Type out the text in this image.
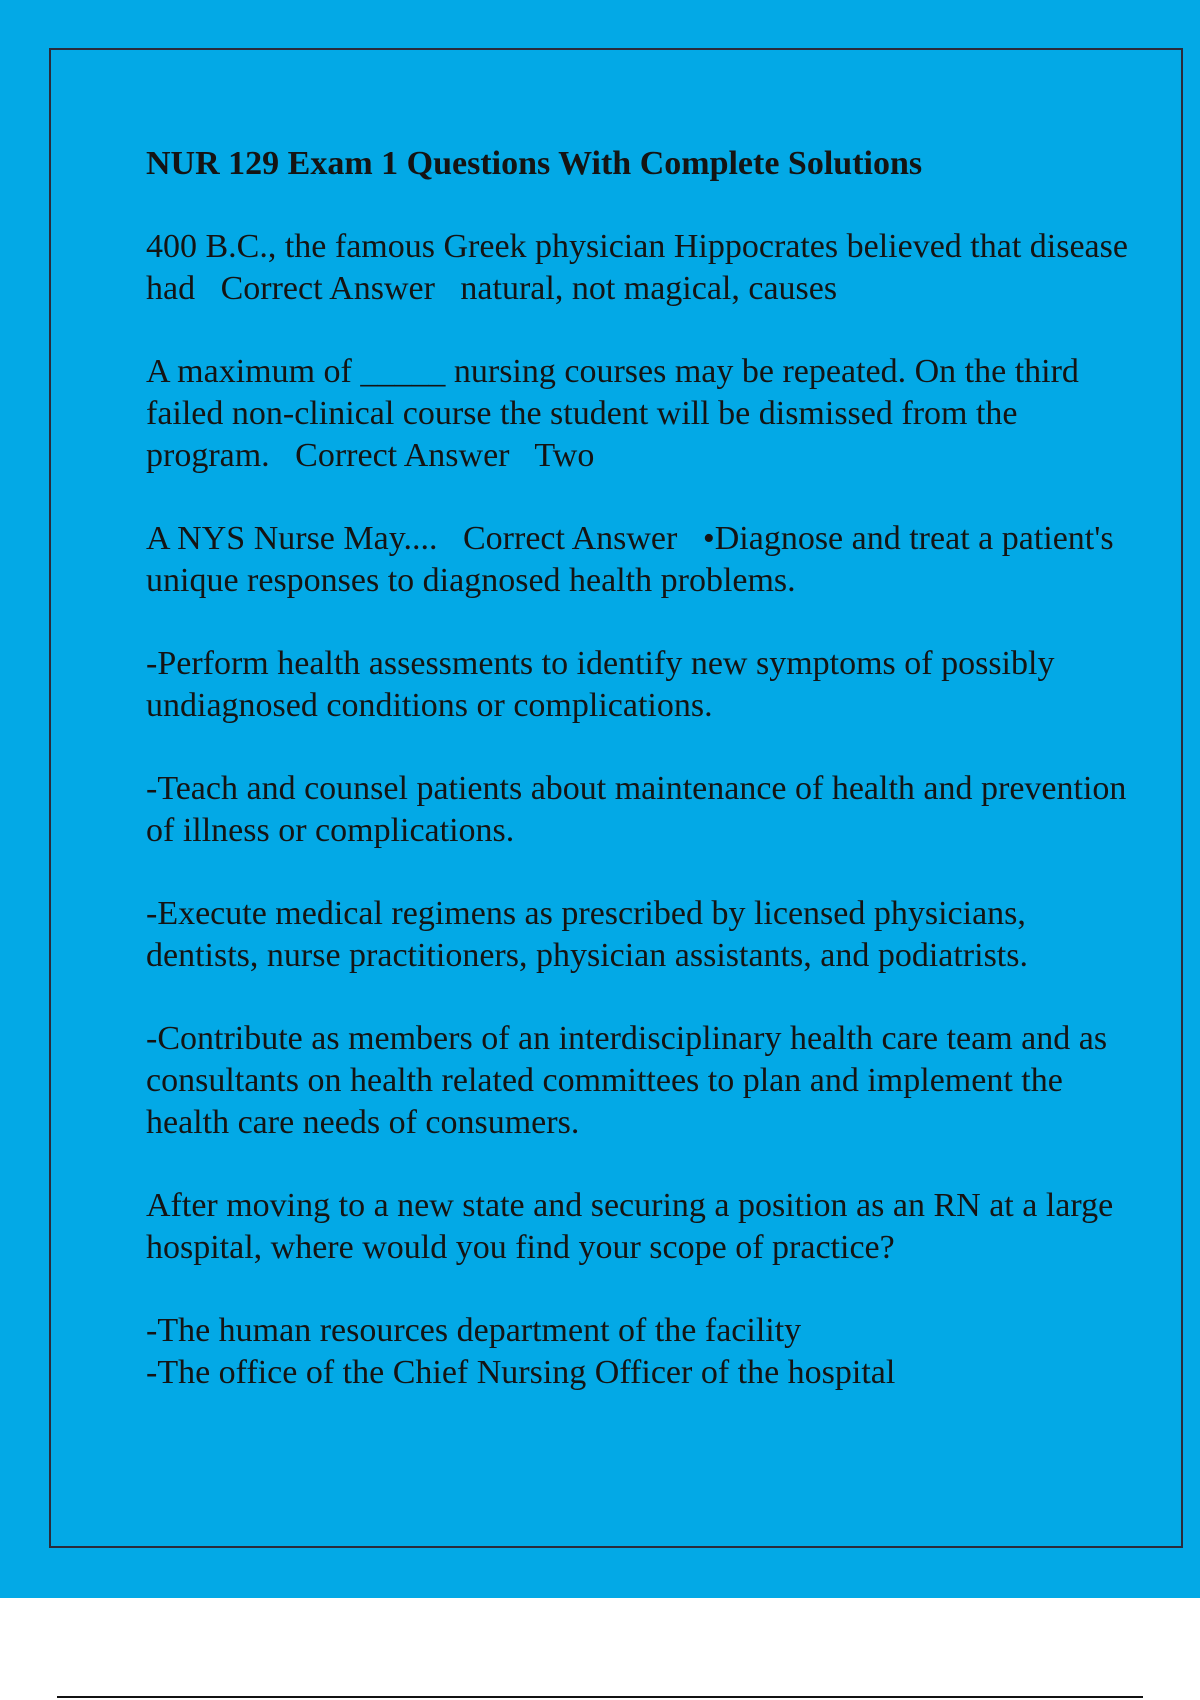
NUR 129 Exam 1 Questions With Complete Solutions
400 B.C., the famous Greek physician Hippocrates believed that disease had   Correct Answer   natural, not magical, causes
A maximum of _____ nursing courses may be repeated. On the third failed non-clinical course the student will be dismissed from the program.   Correct Answer   Two
A NYS Nurse May....   Correct Answer   •Diagnose and treat a patient's unique responses to diagnosed health problems.
-Perform health assessments to identify new symptoms of possibly undiagnosed conditions or complications.
-Teach and counsel patients about maintenance of health and prevention of illness or complications.
-Execute medical regimens as prescribed by licensed physicians, dentists, nurse practitioners, physician assistants, and podiatrists.
-Contribute as members of an interdisciplinary health care team and as consultants on health related committees to plan and implement the health care needs of consumers.
After moving to a new state and securing a position as an RN at a large hospital, where would you find your scope of practice?
-The human resources department of the facility
-The office of the Chief Nursing Officer of the hospital
